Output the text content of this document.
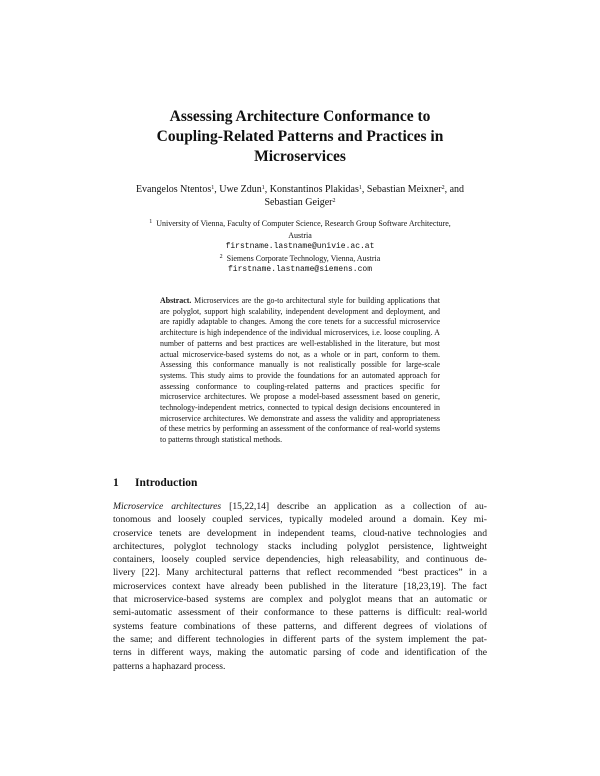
Assessing Architecture Conformance to
Coupling-Related Patterns and Practices in
Microservices
Evangelos Ntentos$^1$, Uwe Zdun$^1$, Konstantinos Plakidas$^1$, Sebastian Meixner$^2$, and
Sebastian Geiger$^2$
$^1$ University of Vienna, Faculty of Computer Science, Research Group Software Architecture,
Austria
firstname.lastname@univie.ac.at
$^2$ Siemens Corporate Technology, Vienna, Austria
firstname.lastname@siemens.com
Abstract. Microservices are the go-to architectural style for building applications that are polyglot, support high scalability, independent development and deployment, and are rapidly adaptable to changes. Among the core tenets for a successful microservice architecture is high independence of the individual microservices, i.e. loose coupling. A number of patterns and best practices are well-established in the literature, but most actual microservice-based systems do not, as a whole or in part, conform to them. Assessing this conformance manually is not realistically possible for large-scale systems. This study aims to provide the foundations for an automated approach for assessing conformance to coupling-related patterns and practices specific for microservice architectures. We propose a model-based assessment based on generic, technology-independent metrics, connected to typical design decisions encountered in microservice architectures. We demonstrate and assess the validity and appropriateness of these metrics by performing an assessment of the conformance of real-world systems to patterns through statistical methods.
1 Introduction
Microservice architectures [15,22,14] describe an application as a collection of au-
tonomous and loosely coupled services, typically modeled around a domain. Key mi-
croservice tenets are development in independent teams, cloud-native technologies and
architectures, polyglot technology stacks including polyglot persistence, lightweight
containers, loosely coupled service dependencies, high releasability, and continuous de-
livery [22]. Many architectural patterns that reflect recommended “best practices” in a
microservices context have already been published in the literature [18,23,19]. The fact
that microservice-based systems are complex and polyglot means that an automatic or
semi-automatic assessment of their conformance to these patterns is difficult: real-world
systems feature combinations of these patterns, and different degrees of violations of
the same; and different technologies in different parts of the system implement the pat-
terns in different ways, making the automatic parsing of code and identification of the
patterns a haphazard process.
